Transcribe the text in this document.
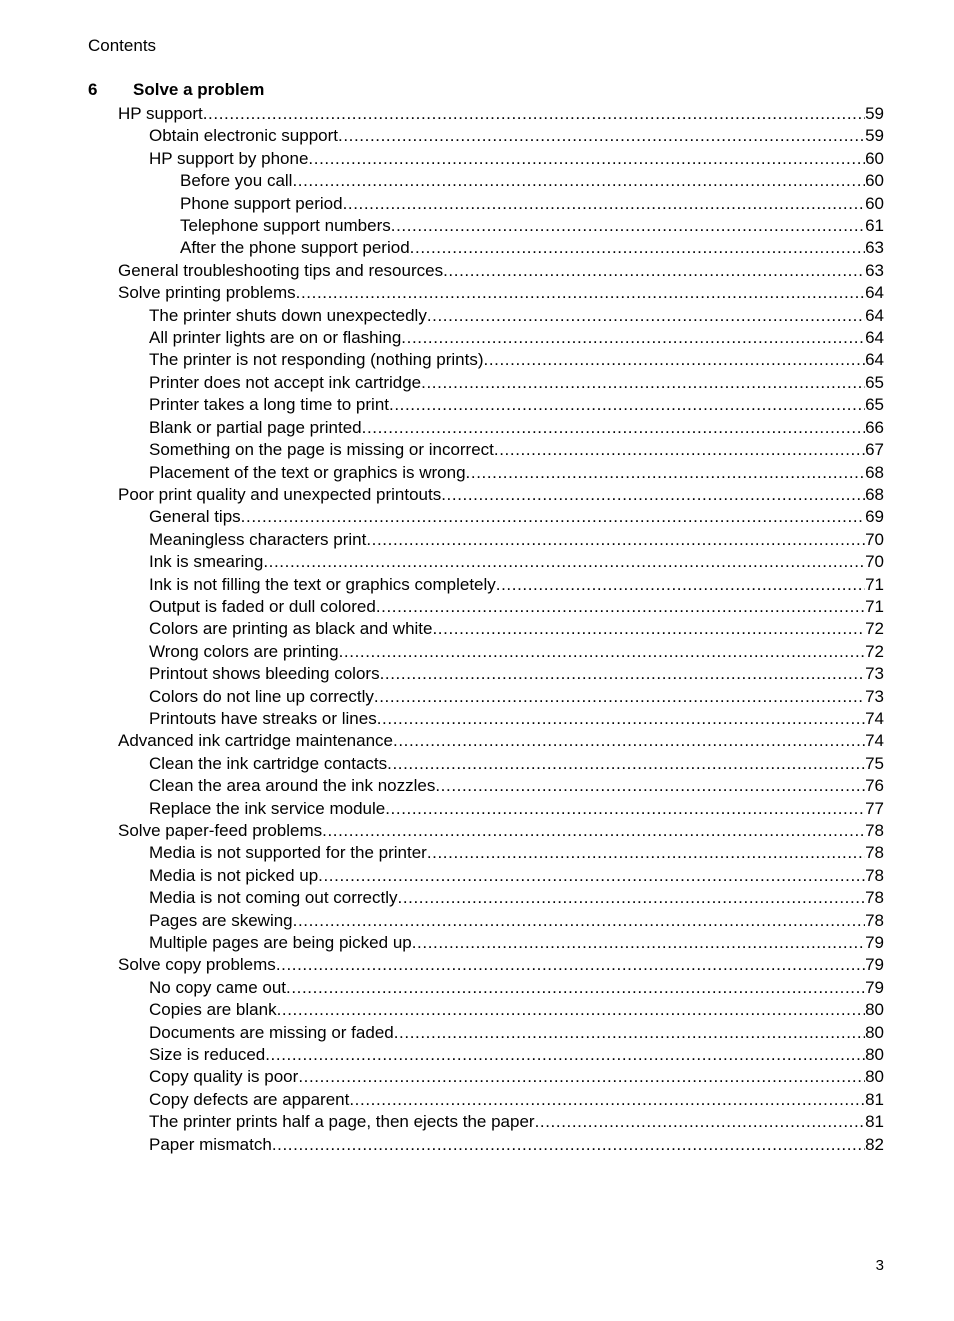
Contents
6	Solve a problem
HP support .....	59
Obtain electronic support .....	59
HP support by phone .....	60
Before you call .....	60
Phone support period .....	60
Telephone support numbers .....	61
After the phone support period .....	63
General troubleshooting tips and resources .....	63
Solve printing problems .....	64
The printer shuts down unexpectedly .....	64
All printer lights are on or flashing .....	64
The printer is not responding (nothing prints) .....	64
Printer does not accept ink cartridge .....	65
Printer takes a long time to print .....	65
Blank or partial page printed .....	66
Something on the page is missing or incorrect .....	67
Placement of the text or graphics is wrong .....	68
Poor print quality and unexpected printouts .....	68
General tips .....	69
Meaningless characters print .....	70
Ink is smearing .....	70
Ink is not filling the text or graphics completely .....	71
Output is faded or dull colored .....	71
Colors are printing as black and white .....	72
Wrong colors are printing .....	72
Printout shows bleeding colors .....	73
Colors do not line up correctly .....	73
Printouts have streaks or lines .....	74
Advanced ink cartridge maintenance .....	74
Clean the ink cartridge contacts .....	75
Clean the area around the ink nozzles .....	76
Replace the ink service module .....	77
Solve paper-feed problems .....	78
Media is not supported for the printer .....	78
Media is not picked up .....	78
Media is not coming out correctly .....	78
Pages are skewing .....	78
Multiple pages are being picked up .....	79
Solve copy problems .....	79
No copy came out .....	79
Copies are blank .....	80
Documents are missing or faded .....	80
Size is reduced .....	80
Copy quality is poor .....	80
Copy defects are apparent .....	81
The printer prints half a page, then ejects the paper .....	81
Paper mismatch .....	82
3
